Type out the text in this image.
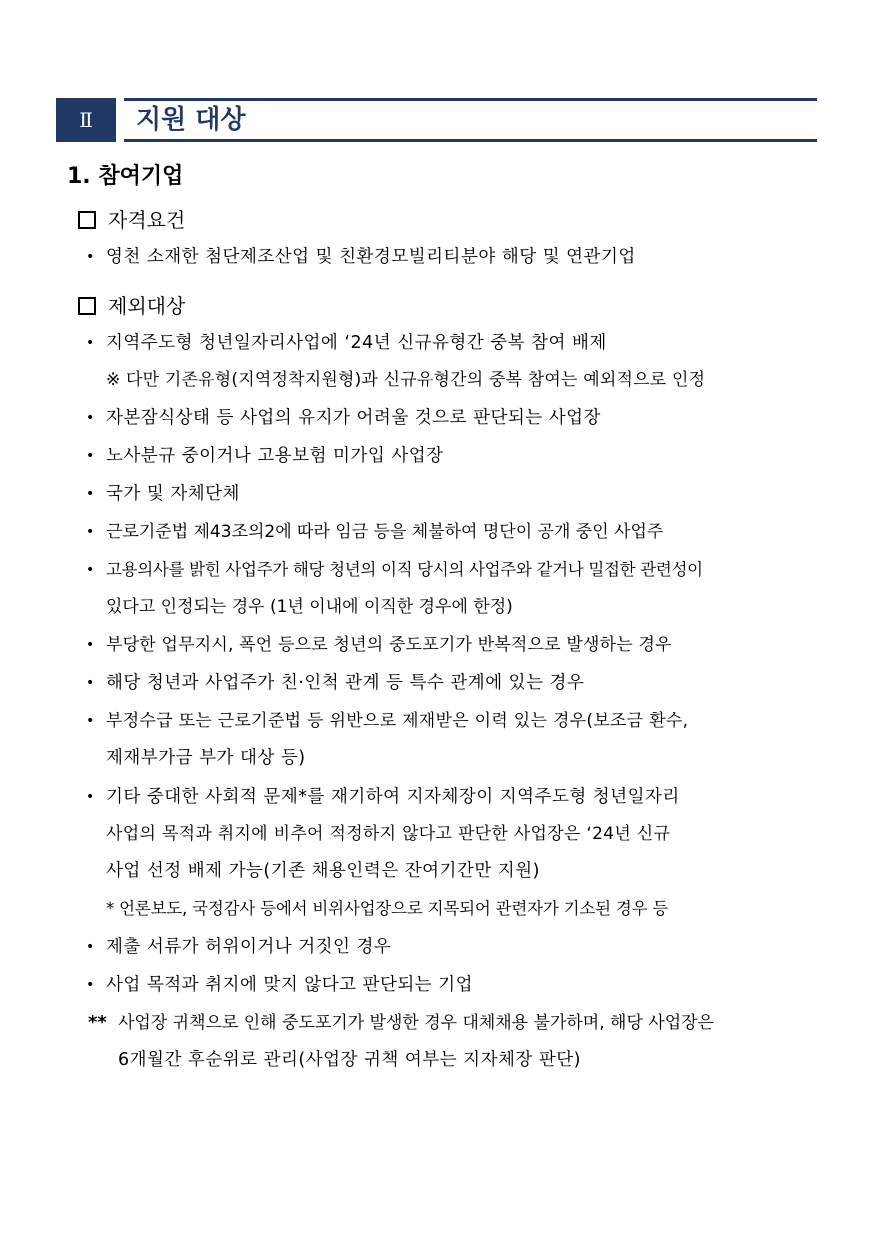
Ⅱ	지원 대상
1. 참여기업
자격요건
• 영천 소재한 첨단제조산업 및 친환경모빌리티분야 해당 및 연관기업
제외대상
• 지역주도형 청년일자리사업에 ‘24년 신규유형간 중복 참여 배제
※ 다만 기존유형(지역정착지원형)과 신규유형간의 중복 참여는 예외적으로 인정
• 자본잠식상태 등 사업의 유지가 어려울 것으로 판단되는 사업장
• 노사분규 중이거나 고용보험 미가입 사업장
• 국가 및 자체단체
• 근로기준법 제43조의2에 따라 임금 등을 체불하여 명단이 공개 중인 사업주
• 고용의사를 밝힌 사업주가 해당 청년의 이직 당시의 사업주와 같거나 밀접한 관련성이
있다고 인정되는 경우 (1년 이내에 이직한 경우에 한정)
• 부당한 업무지시, 폭언 등으로 청년의 중도포기가 반복적으로 발생하는 경우
• 해당 청년과 사업주가 친·인척 관계 등 특수 관계에 있는 경우
• 부정수급 또는 근로기준법 등 위반으로 제재받은 이력 있는 경우(보조금 환수,
제재부가금 부가 대상 등)
• 기타 중대한 사회적 문제*를 재기하여 지자체장이 지역주도형 청년일자리
사업의 목적과 취지에 비추어 적정하지 않다고 판단한 사업장은 ‘24년 신규
사업 선정 배제 가능(기존 채용인력은 잔여기간만 지원)
* 언론보도, 국정감사 등에서 비위사업장으로 지목되어 관련자가 기소된 경우 등
• 제출 서류가 허위이거나 거짓인 경우
• 사업 목적과 취지에 맞지 않다고 판단되는 기업
** 사업장 귀책으로 인해 중도포기가 발생한 경우 대체채용 불가하며, 해당 사업장은
6개월간 후순위로 관리(사업장 귀책 여부는 지자체장 판단)
